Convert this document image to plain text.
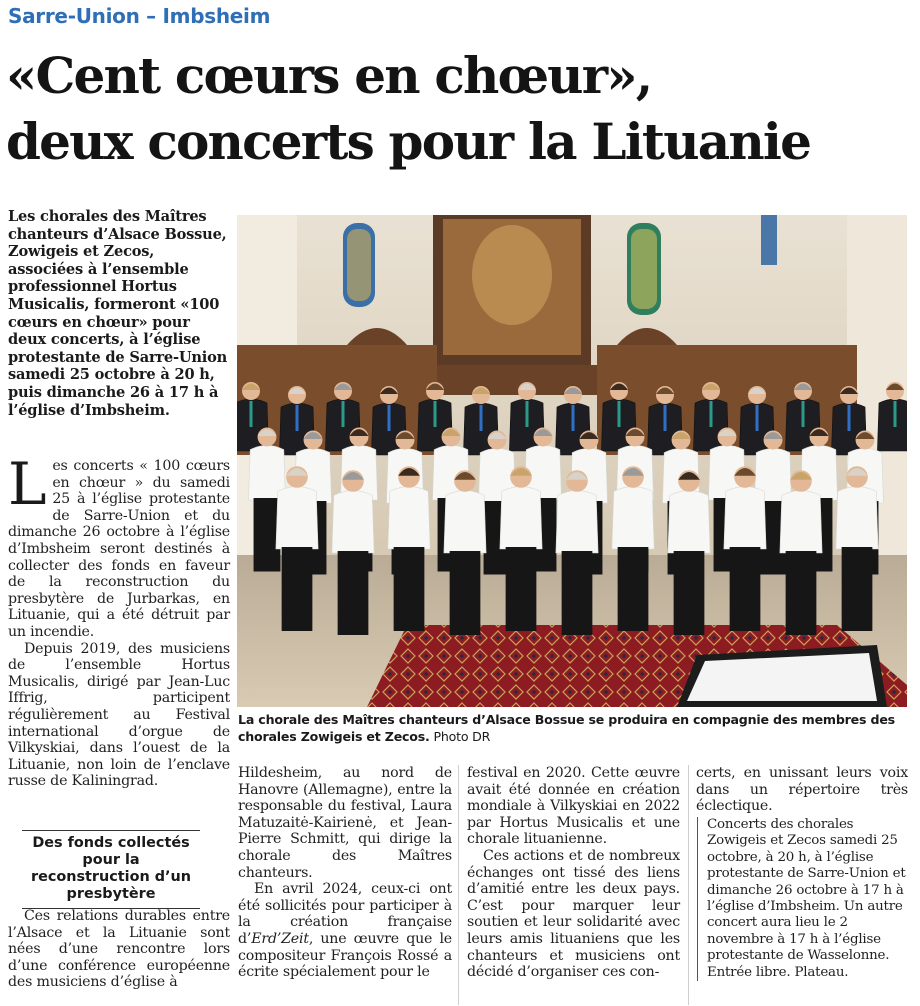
Sarre-Union – Imbsheim
«Cent cœurs en chœur»,
deux concerts pour la Lituanie
Les chorales des Maîtres chanteurs d’Alsace Bossue, Zowigeis et Zecos, associées à l’ensemble professionnel Hortus Musicalis, formeront «100 cœurs en chœur» pour deux concerts, à l’église protestante de Sarre-Union samedi 25 octobre à 20 h, puis dimanche 26 à 17 h à l’église d’Imbsheim.

Les concerts « 100 cœurs en chœur » du samedi 25 à l’église protestante de Sarre-Union et du dimanche 26 octobre à l’église d’Imbsheim seront destinés à collecter des fonds en faveur de la reconstruction du presbytère de Jurbarkas, en Lituanie, qui a été détruit par un incendie.

Depuis 2019, des musiciens de l’ensemble Hortus Musicalis, dirigé par Jean-Luc Iffrig, participent régulièrement au Festival international d’orgue de Vilkyskiai, dans l’ouest de la Lituanie, non loin de l’enclave russe de Kaliningrad.

Des fonds collectés pour la reconstruction d’un presbytère

Ces relations durables entre l’Alsace et la Lituanie sont nées d’une rencontre lors d’une conférence européenne des musiciens d’église à

La chorale des Maîtres chanteurs d’Alsace Bossue se produira en compagnie des membres des chorales Zowigeis et Zecos. Photo DR

Hildesheim, au nord de Hanovre (Allemagne), entre la responsable du festival, Laura Matuzaitė-Kairienė, et Jean-Pierre Schmitt, qui dirige la chorale des Maîtres chanteurs.

En avril 2024, ceux-ci ont été sollicités pour participer à la création française d’Erd’Zeit, une œuvre que le compositeur François Rossé a écrite spécialement pour le

festival en 2020. Cette œuvre avait été donnée en création mondiale à Vilkyskiai en 2022 par Hortus Musicalis et une chorale lituanienne.

Ces actions et de nombreux échanges ont tissé des liens d’amitié entre les deux pays. C’est pour marquer leur soutien et leur solidarité avec leurs amis lituaniens que les chanteurs et musiciens ont décidé d’organiser ces con-

certs, en unissant leurs voix dans un répertoire très éclectique.

Concerts des chorales Zowigeis et Zecos samedi 25 octobre, à 20 h, à l’église protestante de Sarre-Union et dimanche 26 octobre à 17 h à l’église d’Imbsheim. Un autre concert aura lieu le 2 novembre à 17 h à l’église protestante de Wasselonne. Entrée libre. Plateau.
